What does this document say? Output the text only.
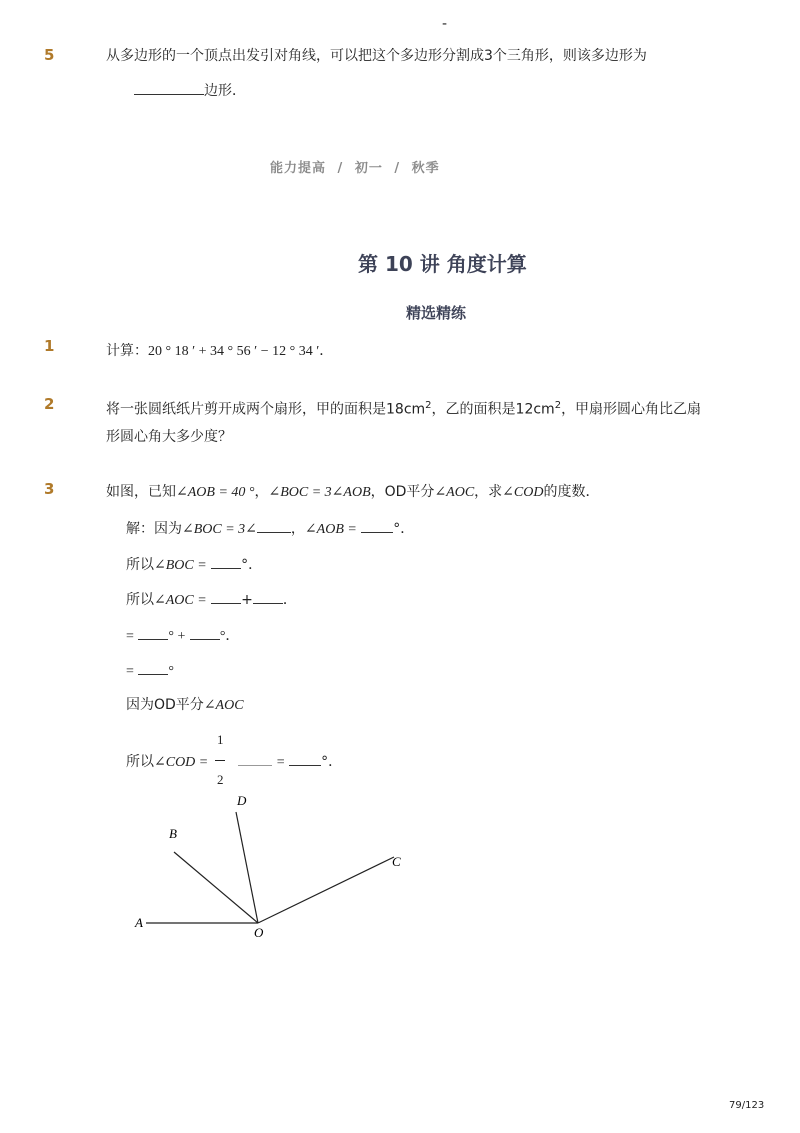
-
5	从多边形的一个顶点出发引对角线，可以把这个多边形分割成3个三角形，则该多边形为
边形．
能力提高 / 初一 / 秋季
第 10 讲 角度计算
精选精练
1	计算：20 ° 18 ′ + 34 ° 56 ′ − 12 ° 34 ′．
2	将一张圆纸纸片剪开成两个扇形，甲的面积是$18cm^2$，乙的面积是$12cm^2$，甲扇形圆心角比乙扇
形圆心角大多少度？
3	如图，已知∠AOB = 40 °，∠BOC = 3∠AOB，OD平分∠AOC，求∠COD的度数．
解：因为∠BOC = 3∠ ，∠AOB =	°．
所以∠BOC = °．
所以∠AOC = + ．
= ° + °．
= °
因为OD平分∠AOC
1
2
所以∠COD =	=	°．
A
B
D
C
O
79/123
